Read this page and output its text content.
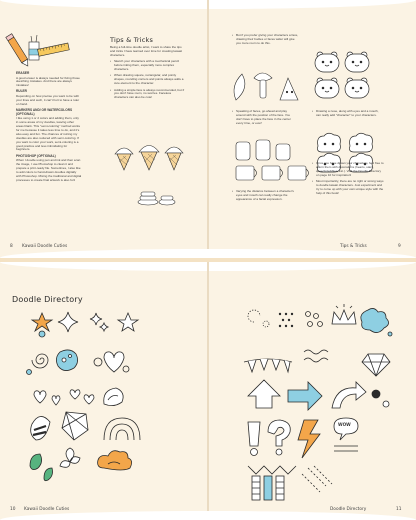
ERASER
A good eraser is always needed for fixing those sketching mistakes. And there are always mistakes!

RULER
Depending on how precise you want to be with your lines and such, it can't hurt to have a ruler on hand.

MARKERS AND/ OR WATERCOLORS (OPTIONAL)
I like using 1 or 2 colors and adding them, only in some areas of my doodles, leaving other areas blank. This "semi-coloring" method works for me because it takes less time to do, and it's also easy and fun. The chances of ruining my doodles are also reduced with semi-coloring. If you want to color your work, semi-coloring is a good practice and less intimidating for beginners.

PHOTOSHOP (OPTIONAL)
When I doodle using pen and ink and then scan the image, I use Photoshop to clean it and prepare a print-ready file. Sometimes, I also like to add colors to hand-drawn doodles digitally with Photoshop. Mixing the traditional and digital processes to create final artwork is also fun!

Tips & Tricks

Being a full-time doodle artist, I want to share the tips and tricks I have learned over time for creating kawaii characters.

• Sketch your characters with a mechanical pencil before inking them, especially more complex characters.
• When drawing square, rectangular, and pointy shapes, rounding corners and points always adds a cute element to the character.
• Adding a simple face is always recommended, but if you don't have room, no worries. Faceless characters can also be cute!
• But if you prefer giving your characters a face, drawing their bodies or faces wider will give you more room to do this.
• Speaking of faces, go ahead and play around with the position of the face. You don't have to place the face in the center every time, or ever!
• Drawing a nose, along with eyes and a mouth, can really add "character" to your characters.
• Once you have drawn your characters, feel free to adorn them with decorations (hearts, stars, speech bubbles, etc.). Visit the Doodle Directory on page 10 for inspiration!
• Most importantly, there are no right or wrong ways to doodle kawaii characters. Just experiment and try to come up with your own unique style with the help of this book!
• Varying the distance between a character's eyes and mouth can really change the appearance of a facial expression.
8 Kawaii Doodle Cuties	Tips & Tricks	9
Doodle Directory
WOW
10 Kawaii Doodle Cuties	Doodle Directory	11
